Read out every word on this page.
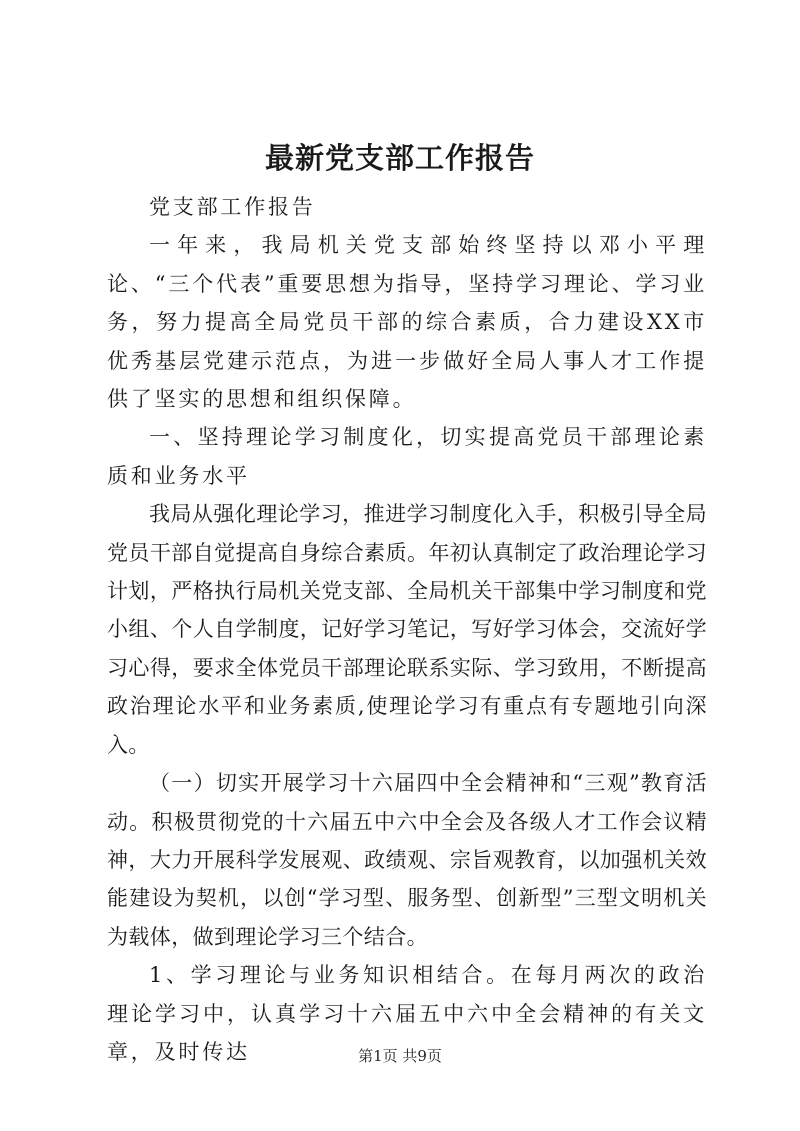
最新党支部工作报告

党支部工作报告

一年来，我局机关党支部始终坚持以邓小平理论、“三个代表”重要思想为指导，坚持学习理论、学习业务，努力提高全局党员干部的综合素质，合力建设XX市优秀基层党建示范点，为进一步做好全局人事人才工作提供了坚实的思想和组织保障。

一、坚持理论学习制度化，切实提高党员干部理论素质和业务水平

我局从强化理论学习，推进学习制度化入手，积极引导全局党员干部自觉提高自身综合素质。年初认真制定了政治理论学习计划，严格执行局机关党支部、全局机关干部集中学习制度和党小组、个人自学制度，记好学习笔记，写好学习体会，交流好学习心得，要求全体党员干部理论联系实际、学习致用，不断提高政治理论水平和业务素质,使理论学习有重点有专题地引向深入。

（一）切实开展学习十六届四中全会精神和“三观”教育活动。积极贯彻党的十六届五中六中全会及各级人才工作会议精神，大力开展科学发展观、政绩观、宗旨观教育，以加强机关效能建设为契机，以创“学习型、服务型、创新型”三型文明机关为载体，做到理论学习三个结合。

1、学习理论与业务知识相结合。在每月两次的政治理论学习中，认真学习十六届五中六中全会精神的有关文章，及时传达	第1页 共9页
